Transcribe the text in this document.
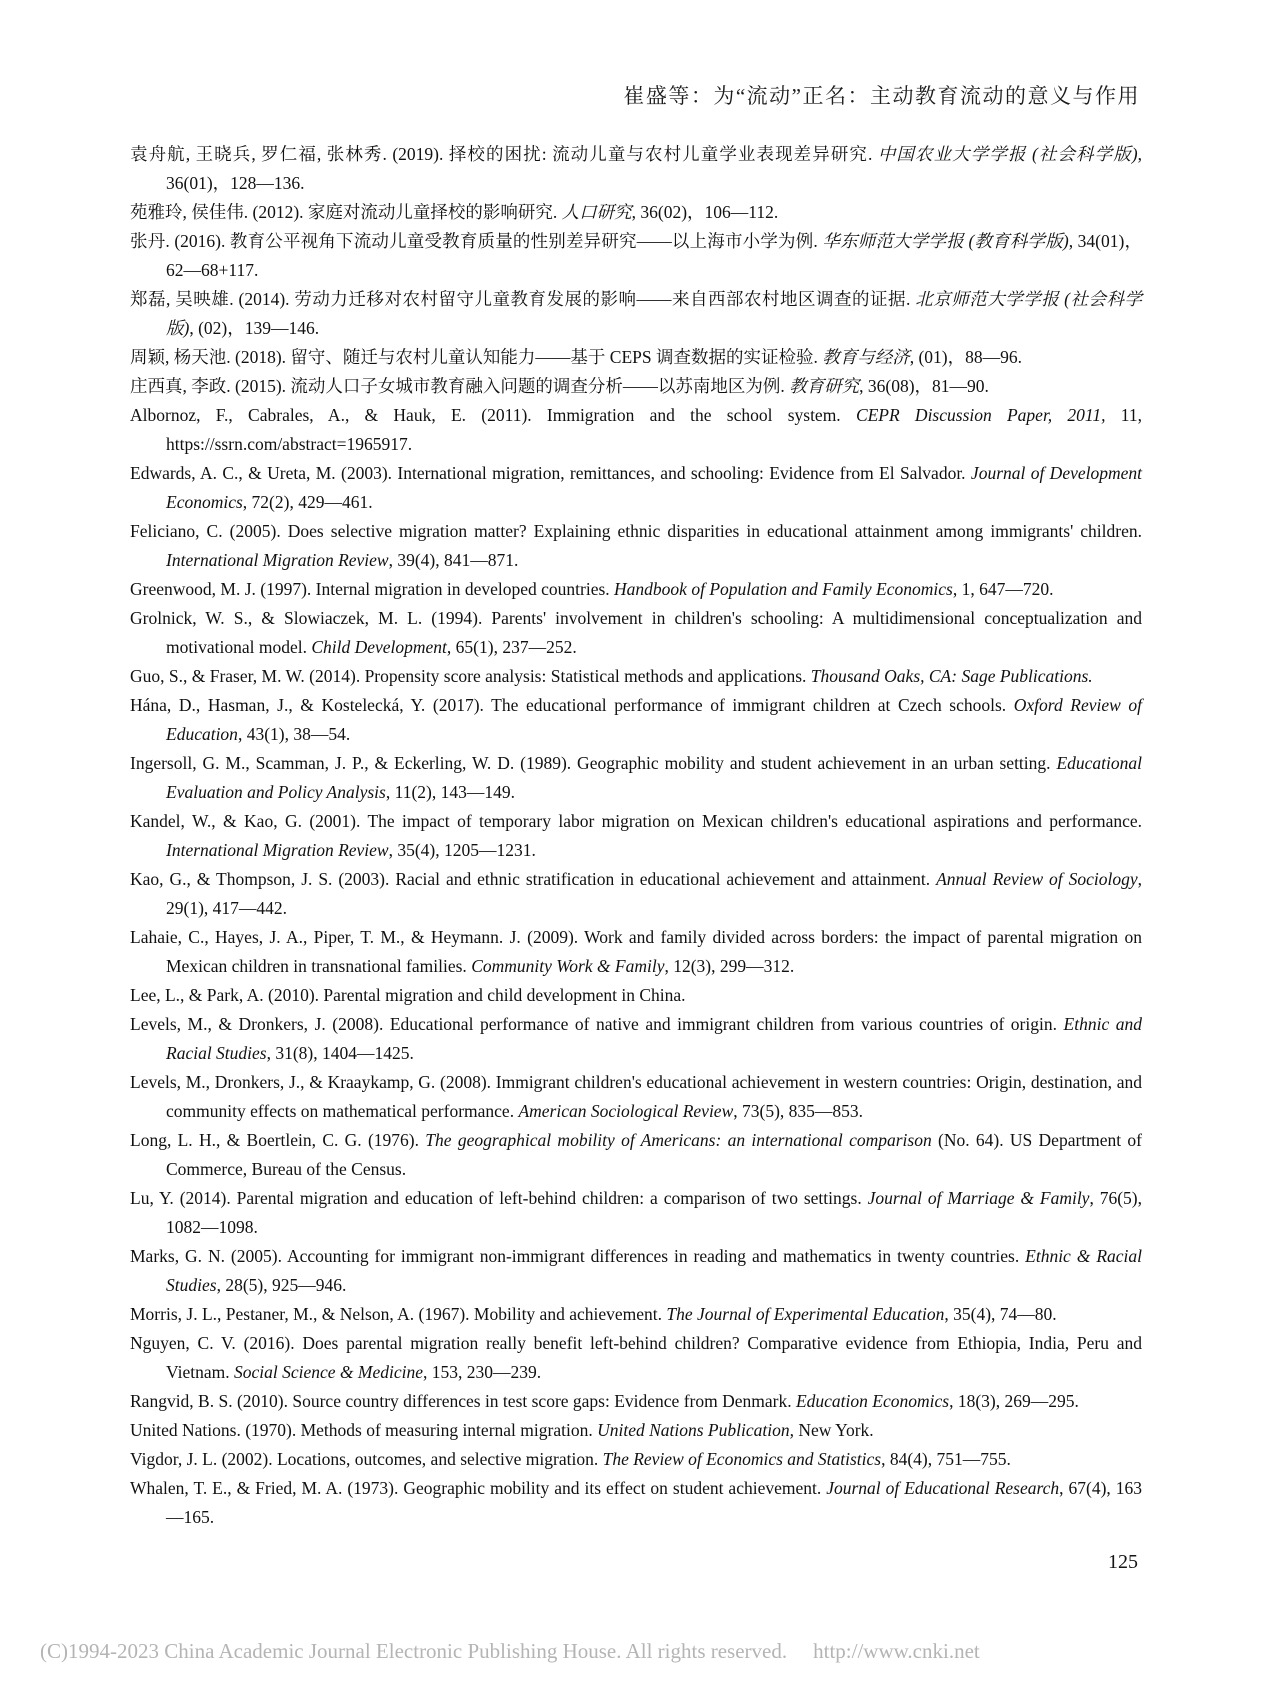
崔盛等：为“流动”正名：主动教育流动的意义与作用

袁舟航, 王晓兵, 罗仁福, 张林秀. (2019). 择校的困扰: 流动儿童与农村儿童学业表现差异研究. 中国农业大学学报 (社会科学版), 36(01)，128—136.

苑雅玲, 侯佳伟. (2012). 家庭对流动儿童择校的影响研究. 人口研究, 36(02)，106—112.

张丹. (2016). 教育公平视角下流动儿童受教育质量的性别差异研究——以上海市小学为例. 华东师范大学学报 (教育科学版), 34(01)，62—68+117.

郑磊, 吴映雄. (2014). 劳动力迁移对农村留守儿童教育发展的影响——来自西部农村地区调查的证据. 北京师范大学学报 (社会科学版), (02)，139—146.

周颖, 杨天池. (2018). 留守、随迁与农村儿童认知能力——基于 CEPS 调查数据的实证检验. 教育与经济, (01)，88—96.

庄西真, 李政. (2015). 流动人口子女城市教育融入问题的调查分析——以苏南地区为例. 教育研究, 36(08)，81—90.

Albornoz, F., Cabrales, A., & Hauk, E. (2011). Immigration and the school system. CEPR Discussion Paper, 2011, 11, https://ssrn.com/abstract=1965917.

Edwards, A. C., & Ureta, M. (2003). International migration, remittances, and schooling: Evidence from El Salvador. Journal of Development Economics, 72(2), 429—461.

Feliciano, C. (2005). Does selective migration matter? Explaining ethnic disparities in educational attainment among immigrants' children. International Migration Review, 39(4), 841—871.

Greenwood, M. J. (1997). Internal migration in developed countries. Handbook of Population and Family Economics, 1, 647—720.

Grolnick, W. S., & Slowiaczek, M. L. (1994). Parents' involvement in children's schooling: A multidimensional conceptualization and motivational model. Child Development, 65(1), 237—252.

Guo, S., & Fraser, M. W. (2014). Propensity score analysis: Statistical methods and applications. Thousand Oaks, CA: Sage Publications.

Hána, D., Hasman, J., & Kostelecká, Y. (2017). The educational performance of immigrant children at Czech schools. Oxford Review of Education, 43(1), 38—54.

Ingersoll, G. M., Scamman, J. P., & Eckerling, W. D. (1989). Geographic mobility and student achievement in an urban setting. Educational Evaluation and Policy Analysis, 11(2), 143—149.

Kandel, W., & Kao, G. (2001). The impact of temporary labor migration on Mexican children's educational aspirations and performance. International Migration Review, 35(4), 1205—1231.

Kao, G., & Thompson, J. S. (2003). Racial and ethnic stratification in educational achievement and attainment. Annual Review of Sociology, 29(1), 417—442.

Lahaie, C., Hayes, J. A., Piper, T. M., & Heymann. J. (2009). Work and family divided across borders: the impact of parental migration on Mexican children in transnational families. Community Work & Family, 12(3), 299—312.

Lee, L., & Park, A. (2010). Parental migration and child development in China.

Levels, M., & Dronkers, J. (2008). Educational performance of native and immigrant children from various countries of origin. Ethnic and Racial Studies, 31(8), 1404—1425.

Levels, M., Dronkers, J., & Kraaykamp, G. (2008). Immigrant children's educational achievement in western countries: Origin, destination, and community effects on mathematical performance. American Sociological Review, 73(5), 835—853.

Long, L. H., & Boertlein, C. G. (1976). The geographical mobility of Americans: an international comparison (No. 64). US Department of Commerce, Bureau of the Census.

Lu, Y. (2014). Parental migration and education of left-behind children: a comparison of two settings. Journal of Marriage & Family, 76(5), 1082—1098.

Marks, G. N. (2005). Accounting for immigrant non-immigrant differences in reading and mathematics in twenty countries. Ethnic & Racial Studies, 28(5), 925—946.

Morris, J. L., Pestaner, M., & Nelson, A. (1967). Mobility and achievement. The Journal of Experimental Education, 35(4), 74—80.

Nguyen, C. V. (2016). Does parental migration really benefit left-behind children? Comparative evidence from Ethiopia, India, Peru and Vietnam. Social Science & Medicine, 153, 230—239.

Rangvid, B. S. (2010). Source country differences in test score gaps: Evidence from Denmark. Education Economics, 18(3), 269—295.

United Nations. (1970). Methods of measuring internal migration. United Nations Publication, New York.

Vigdor, J. L. (2002). Locations, outcomes, and selective migration. The Review of Economics and Statistics, 84(4), 751—755.

Whalen, T. E., & Fried, M. A. (1973). Geographic mobility and its effect on student achievement. Journal of Educational Research, 67(4), 163—165.

125
(C)1994-2023 China Academic Journal Electronic Publishing House. All rights reserved. http://www.cnki.net
